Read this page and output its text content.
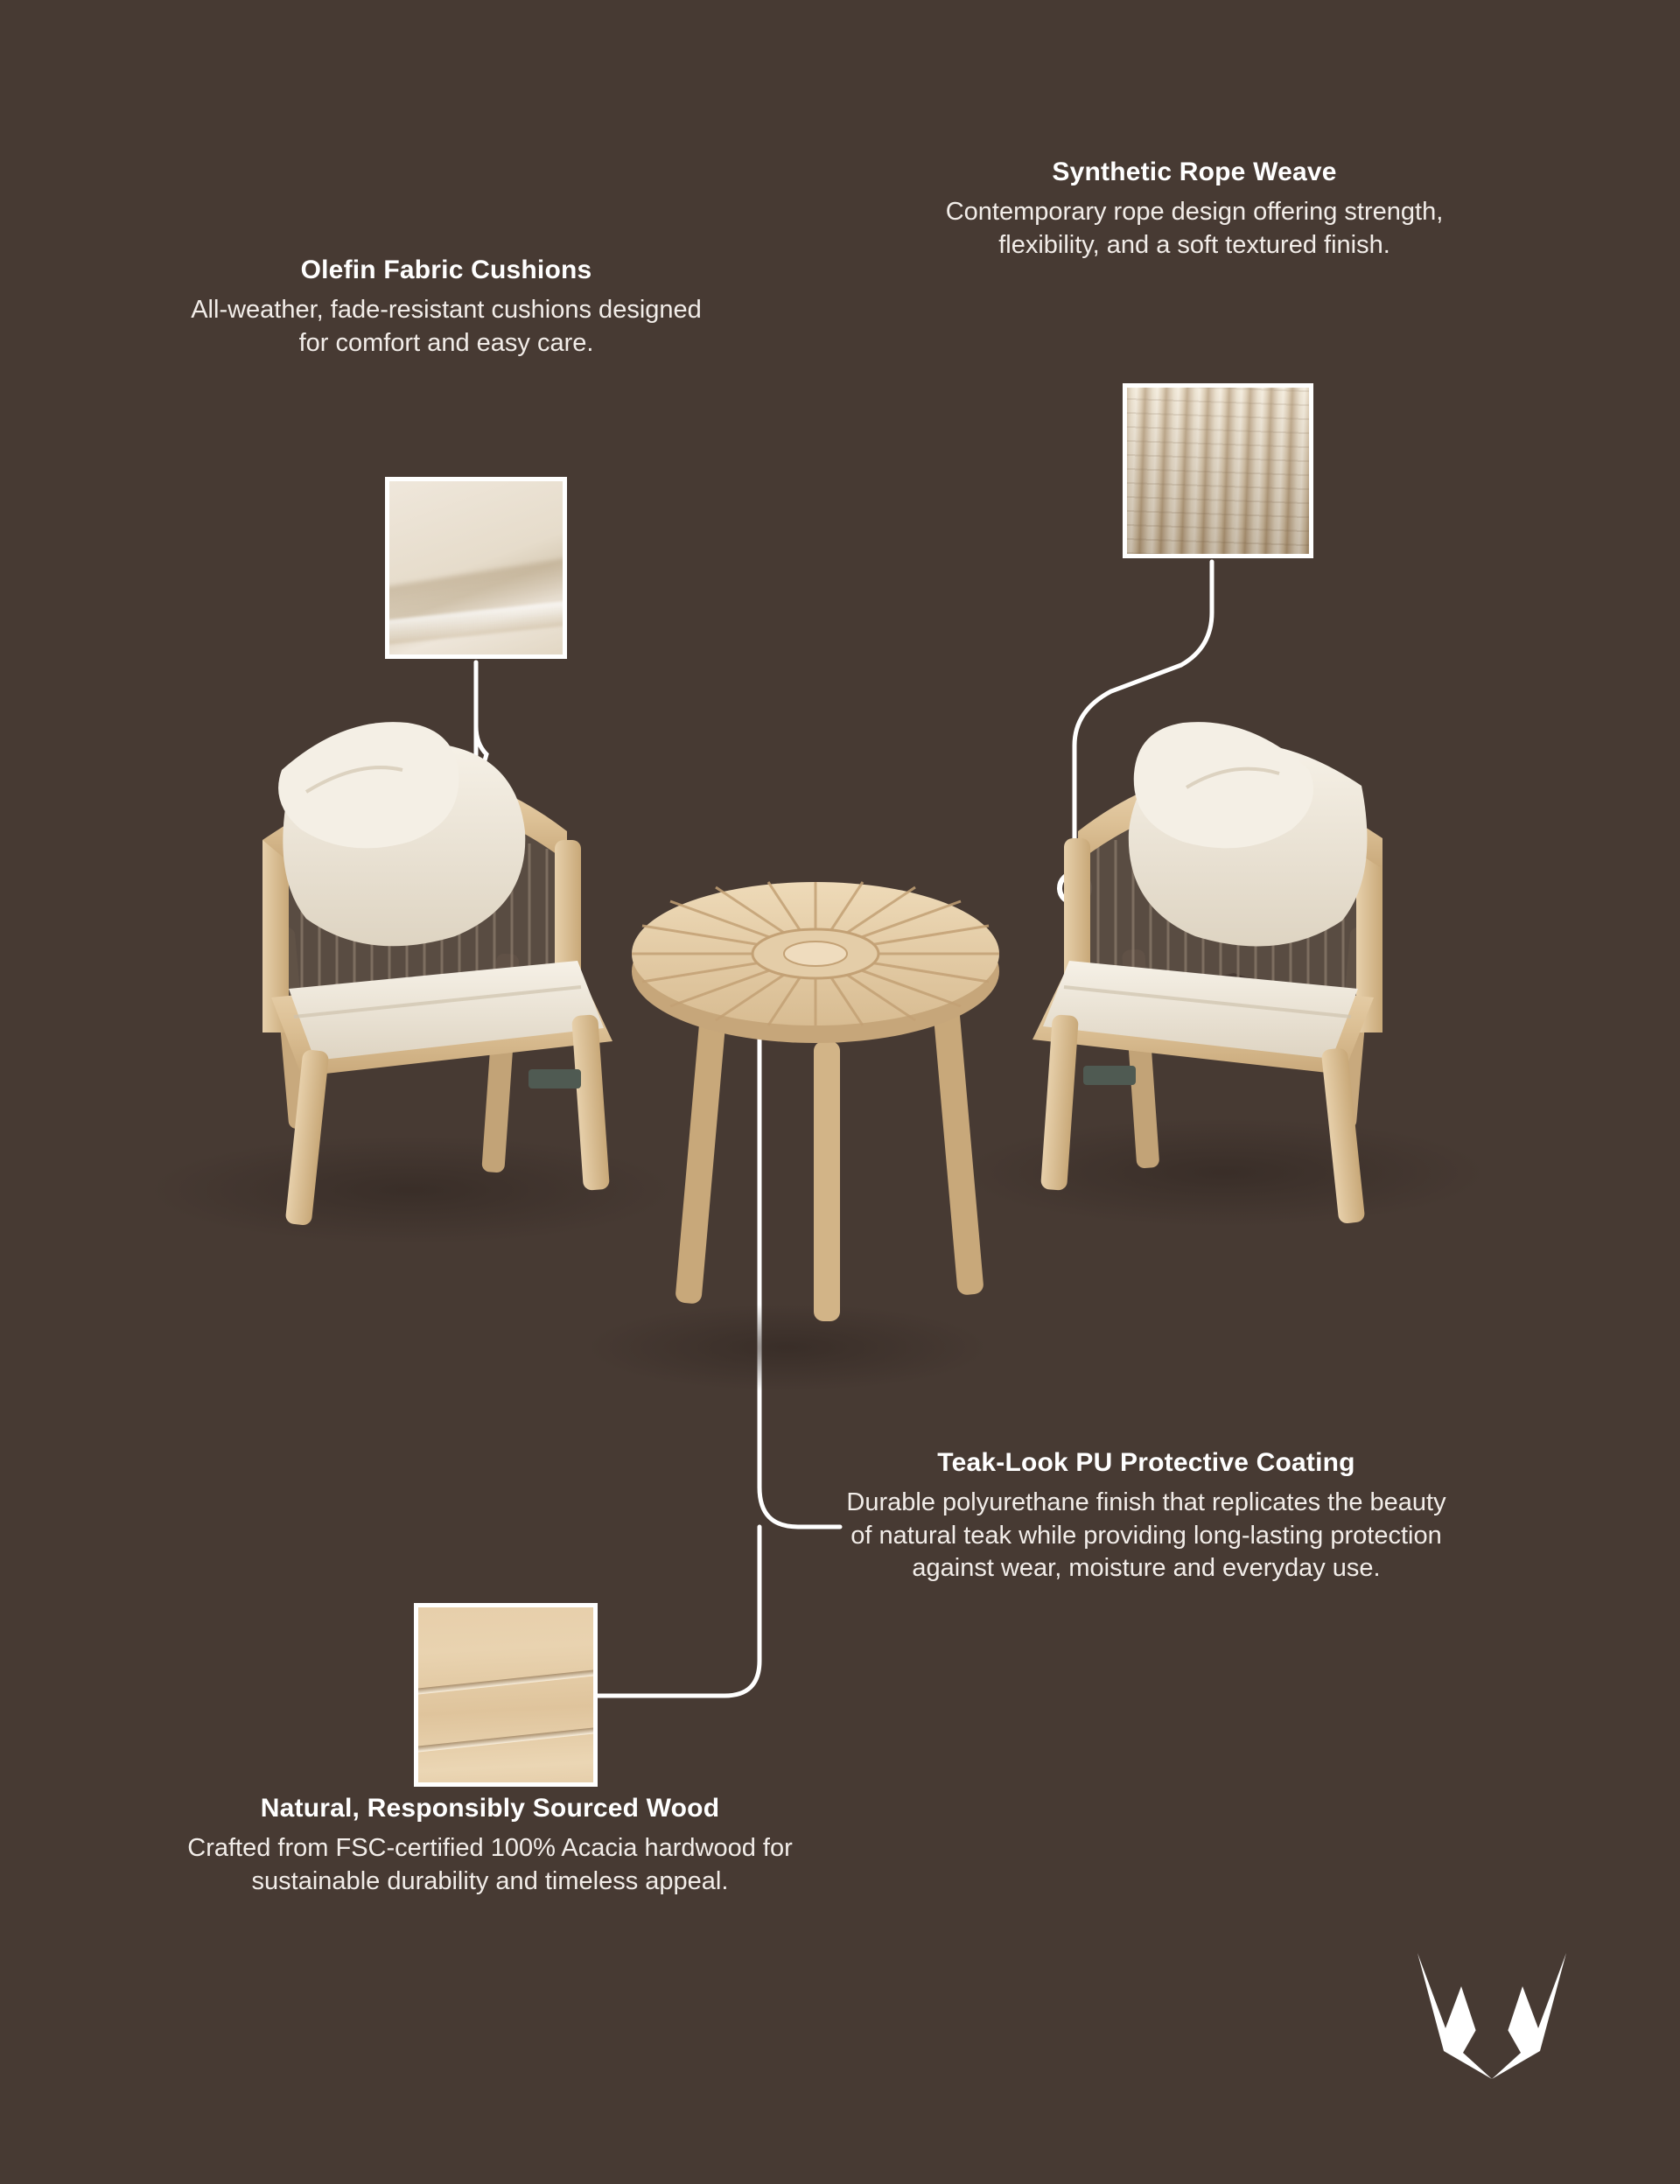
Olefin Fabric Cushions
All-weather, fade-resistant cushions designed for comfort and easy care.
Synthetic Rope Weave
Contemporary rope design offering strength, flexibility, and a soft textured finish.
Teak-Look PU Protective Coating
Durable polyurethane finish that replicates the beauty of natural teak while providing long-lasting protection against wear, moisture and everyday use.
Natural, Responsibly Sourced Wood
Crafted from FSC-certified 100% Acacia hardwood for sustainable durability and timeless appeal.
